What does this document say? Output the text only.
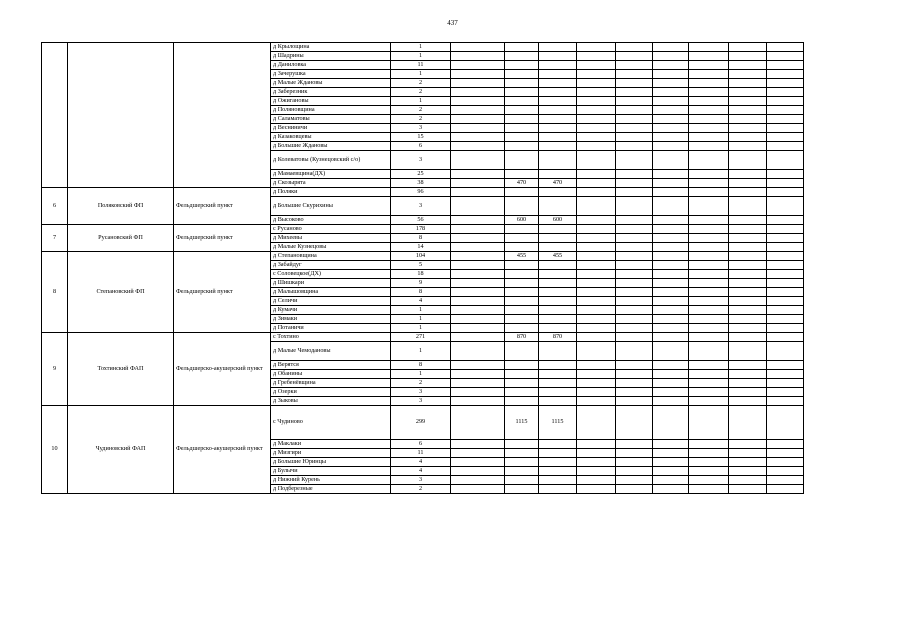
437
			д Крылощина	1									
			д Шадрины	1									
			д Даниловка	11									
			д Зачерушка	1									
			д Малые Ждановы	2									
			д Заберезник	2									
			д Ожигановы	1									
			д Поляновщина	2									
			д Саламатовы	2									
			д Весниничи	3									
			д Казаковцевы	15									
			д Большие Ждановы	6									
			д Колеватовы (Кузнецовский с/о)	3									
			д Мамаевщина(ДХ)	25									
			д Скозырята	38		470	470						
6	Поляковский ФП	Фельдшерский пункт	д Поляки	96									
			д Большие Скурихины	3									
			д Высоково	56		600	600						
7	Русановский ФП	Фельдшерский пункт	с Русаново	178									
			д Михеевы	8									
			д Малые Кузнецовы	14									
8	Степановский ФП	Фельдшерский пункт	д Степановщина	104		455	455						
			д Забайдуг	5									
			с Соловецкое(ДХ)	18									
			д Шишкари	9									
			д Малышовщина	8									
			д Селичи	4									
			д Кумачи	1									
			д Зимаки	1									
			д Потаничи	1									
9	Тохтинский ФАП	Фельдшерско-акушерский пункт	с Тохтино	271		870	870						
			д Малые Чемодановы	1									
			д Верятся	8									
			д Обанины	1									
			д Гребенёвщина	2									
			д Озерки	3									
			д Зыковы	3									
10	Чудиновский ФАП	Фельдшерско-акушерский пункт	с Чудиново	299		1115	1115						
			д Маклаки	6									
			д Мизгири	11									
			д Большие Юринцы	4									
			д Булычи	4									
			д Нижний Курень	3									
			д Подберезные	2									
